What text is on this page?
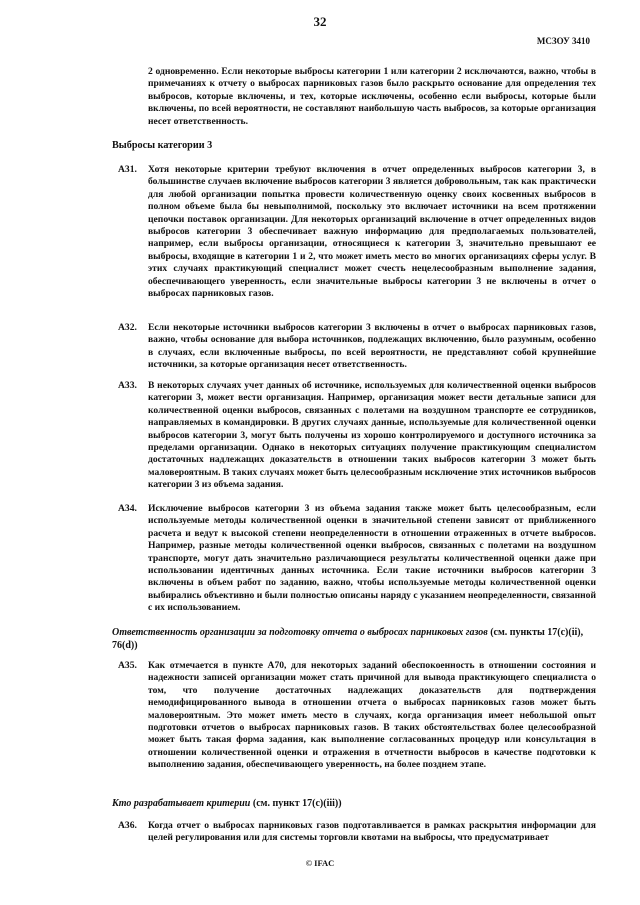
32
МСЗОУ 3410

2 одновременно. Если некоторые выбросы категории 1 или категории 2 исключаются, важно, чтобы в примечаниях к отчету о выбросах парниковых газов было раскрыто основание для определения тех выбросов, которые включены, и тех, которые исключены, особенно если выбросы, которые были включены, по всей вероятности, не составляют наибольшую часть выбросов, за которые организация несет ответственность.

Выбросы категории 3
A31. Хотя некоторые критерии требуют включения в отчет определенных выбросов категории 3, в большинстве случаев включение выбросов категории 3 является добровольным, так как практически для любой организации попытка провести количественную оценку своих косвенных выбросов в полном объеме была бы невыполнимой, поскольку это включает источники на всем протяжении цепочки поставок организации. Для некоторых организаций включение в отчет определенных видов выбросов категории 3 обеспечивает важную информацию для предполагаемых пользователей, например, если выбросы организации, относящиеся к категории 3, значительно превышают ее выбросы, входящие в категории 1 и 2, что может иметь место во многих организациях сферы услуг. В этих случаях практикующий специалист может счесть нецелесообразным выполнение задания, обеспечивающего уверенность, если значительные выбросы категории 3 не включены в отчет о выбросах парниковых газов.

A32. Если некоторые источники выбросов категории 3 включены в отчет о выбросах парниковых газов, важно, чтобы основание для выбора источников, подлежащих включению, было разумным, особенно в случаях, если включенные выбросы, по всей вероятности, не представляют собой крупнейшие источники, за которые организация несет ответственность.

A33. В некоторых случаях учет данных об источнике, используемых для количественной оценки выбросов категории 3, может вести организация. Например, организация может вести детальные записи для количественной оценки выбросов, связанных с полетами на воздушном транспорте ее сотрудников, направляемых в командировки. В других случаях данные, используемые для количественной оценки выбросов категории 3, могут быть получены из хорошо контролируемого и доступного источника за пределами организации. Однако в некоторых ситуациях получение практикующим специалистом достаточных надлежащих доказательств в отношении таких выбросов категории 3 может быть маловероятным. В таких случаях может быть целесообразным исключение этих источников выбросов категории 3 из объема задания.

A34. Исключение выбросов категории 3 из объема задания также может быть целесообразным, если используемые методы количественной оценки в значительной степени зависят от приближенного расчета и ведут к высокой степени неопределенности в отношении отраженных в отчете выбросов. Например, разные методы количественной оценки выбросов, связанных с полетами на воздушном транспорте, могут дать значительно различающиеся результаты количественной оценки даже при использовании идентичных данных источника. Если такие источники выбросов категории 3 включены в объем работ по заданию, важно, чтобы используемые методы количественной оценки выбирались объективно и были полностью описаны наряду с указанием неопределенности, связанной с их использованием.

Ответственность организации за подготовку отчета о выбросах парниковых газов (см. пункты 17(c)(ii), 76(d))
A35. Как отмечается в пункте A70, для некоторых заданий обеспокоенность в отношении состояния и надежности записей организации может стать причиной для вывода практикующего специалиста о том, что получение достаточных надлежащих доказательств для подтверждения немодифицированного вывода в отношении отчета о выбросах парниковых газов может быть маловероятным. Это может иметь место в случаях, когда организация имеет небольшой опыт подготовки отчетов о выбросах парниковых газов. В таких обстоятельствах более целесообразной может быть такая форма задания, как выполнение согласованных процедур или консультация в отношении количественной оценки и отражения в отчетности выбросов в качестве подготовки к выполнению задания, обеспечивающего уверенность, на более позднем этапе.

Кто разрабатывает критерии (см. пункт 17(c)(iii))
A36. Когда отчет о выбросах парниковых газов подготавливается в рамках раскрытия информации для целей регулирования или для системы торговли квотами на выбросы, что предусматривает

© IFAC
